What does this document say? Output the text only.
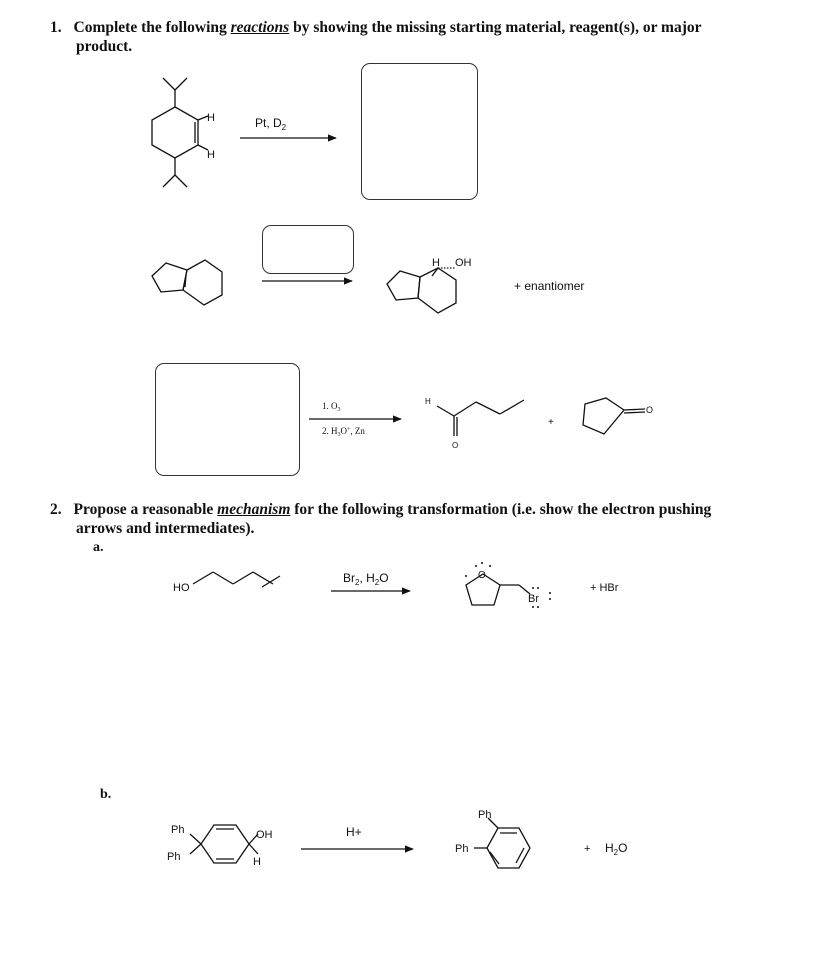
1. Complete the following reactions by showing the missing starting material, reagent(s), or major
product.
H
H
Pt, $D_2$
H OH
+ enantiomer
1. $O_3$
2. $H_3O^+$, Zn
H
O
+
O
HO
$Br_2$, $H_2O$	O
Br
+ HBr
Ph
Ph
OH
H
H+
Ph
Ph	+ $H_2O$
2. Propose a reasonable mechanism for the following transformation (i.e. show the electron pushing
arrows and intermediates).
a.
b.
